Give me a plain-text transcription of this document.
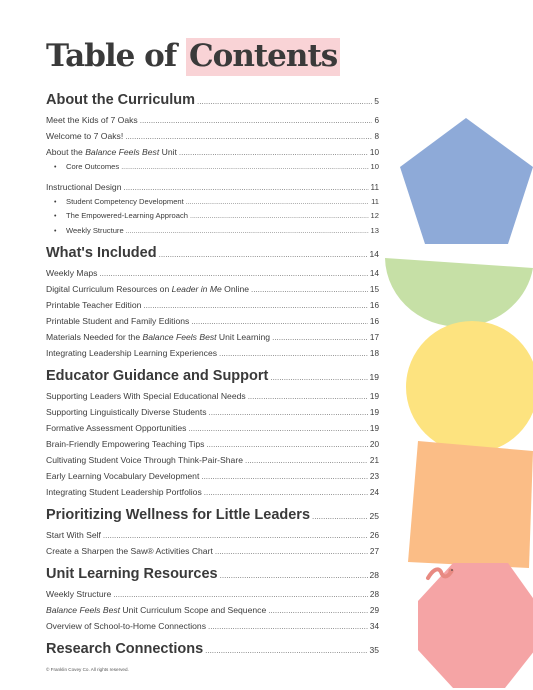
Table of Contents
About the Curriculum .....	5
Meet the Kids of 7 Oaks .....	6
Welcome to 7 Oaks! .....	8
About the Balance Feels Best Unit .....	10
• Core Outcomes .....	10
Instructional Design .....	11
• Student Competency Development .....	11
• The Empowered-Learning Approach .....	12
• Weekly Structure .....	13
What's Included .....	14
Weekly Maps .....	14
Digital Curriculum Resources on Leader in Me Online .....	15
Printable Teacher Edition .....	16
Printable Student and Family Editions .....	16
Materials Needed for the Balance Feels Best Unit Learning .....	17
Integrating Leadership Learning Experiences .....	18
Educator Guidance and Support .....	19
Supporting Leaders With Special Educational Needs .....	19
Supporting Linguistically Diverse Students .....	19
Formative Assessment Opportunities .....	19
Brain-Friendly Empowering Teaching Tips .....	20
Cultivating Student Voice Through Think-Pair-Share .....	21
Early Learning Vocabulary Development .....	23
Integrating Student Leadership Portfolios .....	24
Prioritizing Wellness for Little Leaders .....	25
Start With Self .....	26
Create a Sharpen the Saw® Activities Chart .....	27
Unit Learning Resources .....	28
Weekly Structure .....	28
Balance Feels Best Unit Curriculum Scope and Sequence .....	29
Overview of School-to-Home Connections .....	34
Research Connections .....	35
© Franklin Covey Co. All rights reserved.
